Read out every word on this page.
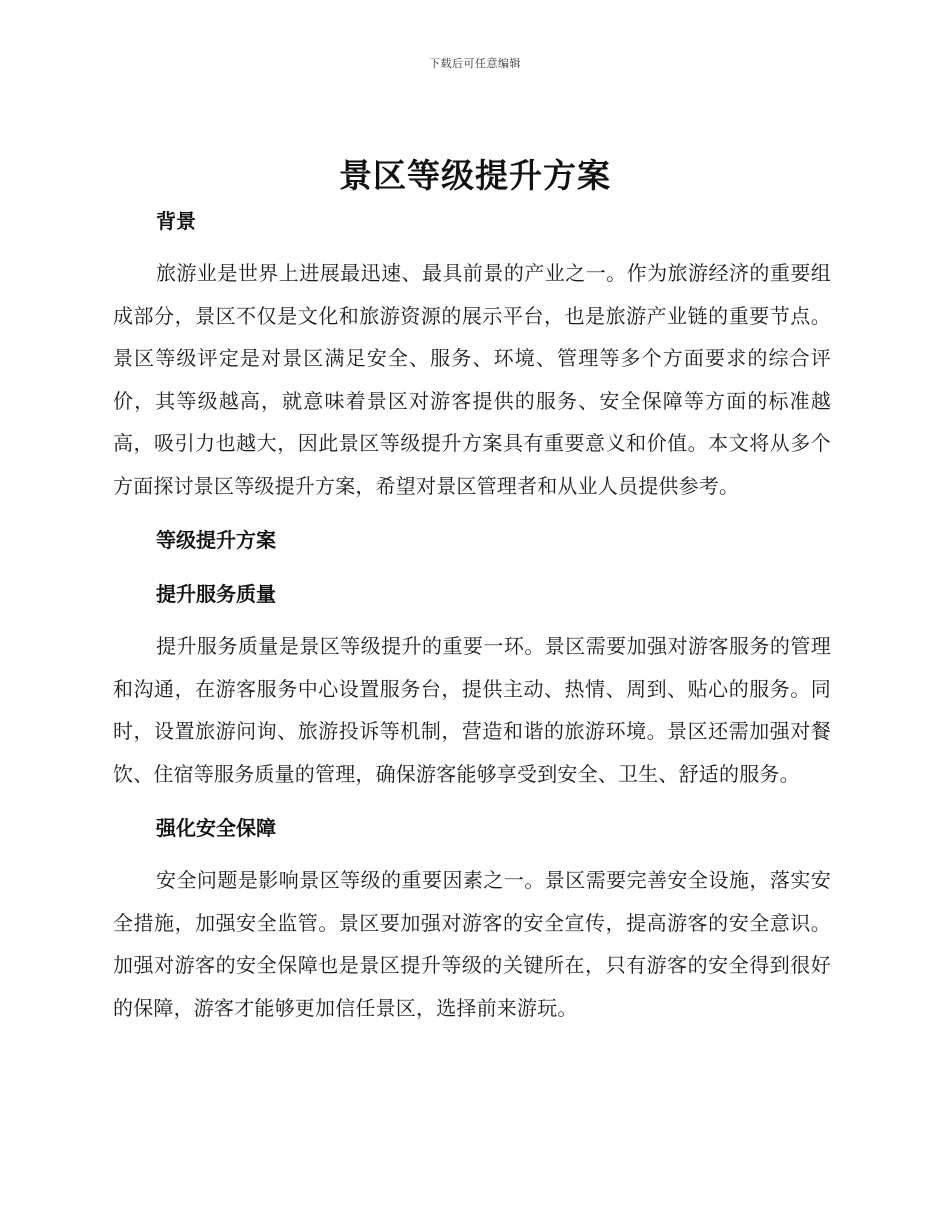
下载后可任意编辑
景区等级提升方案
背景

旅游业是世界上进展最迅速、最具前景的产业之一。作为旅游经济的重要组成部分，景区不仅是文化和旅游资源的展示平台，也是旅游产业链的重要节点。景区等级评定是对景区满足安全、服务、环境、管理等多个方面要求的综合评价，其等级越高，就意味着景区对游客提供的服务、安全保障等方面的标准越高，吸引力也越大，因此景区等级提升方案具有重要意义和价值。本文将从多个方面探讨景区等级提升方案，希望对景区管理者和从业人员提供参考。

等级提升方案
提升服务质量

提升服务质量是景区等级提升的重要一环。景区需要加强对游客服务的管理和沟通，在游客服务中心设置服务台，提供主动、热情、周到、贴心的服务。同时，设置旅游问询、旅游投诉等机制，营造和谐的旅游环境。景区还需加强对餐饮、住宿等服务质量的管理，确保游客能够享受到安全、卫生、舒适的服务。

强化安全保障

安全问题是影响景区等级的重要因素之一。景区需要完善安全设施，落实安全措施，加强安全监管。景区要加强对游客的安全宣传，提高游客的安全意识。加强对游客的安全保障也是景区提升等级的关键所在，只有游客的安全得到很好的保障，游客才能够更加信任景区，选择前来游玩。
